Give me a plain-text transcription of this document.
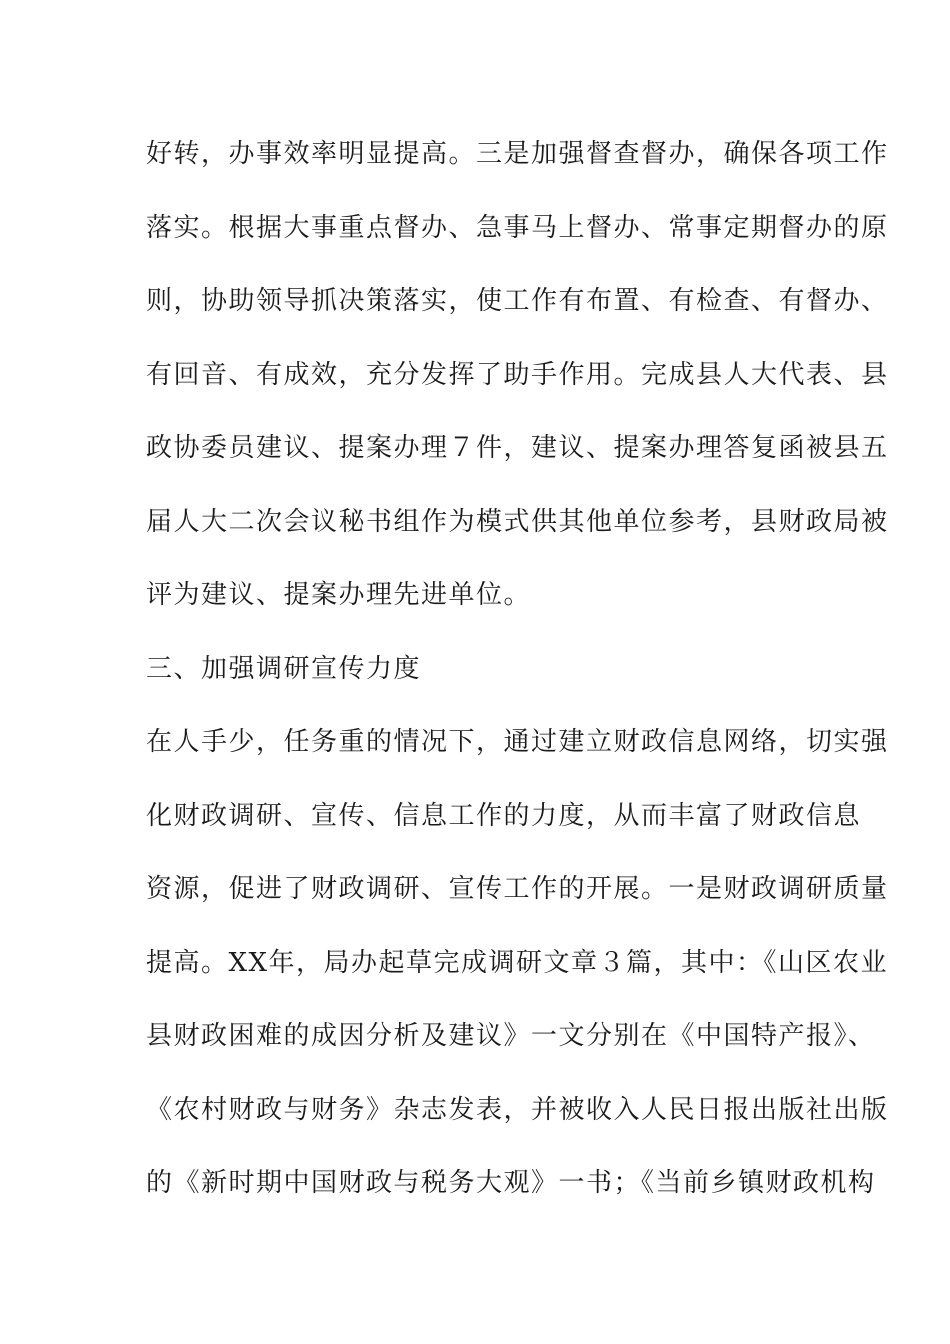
好转，办事效率明显提高。三是加强督查督办，确保各项工作
落实。根据大事重点督办、急事马上督办、常事定期督办的原
则，协助领导抓决策落实，使工作有布置、有检查、有督办、
有回音、有成效，充分发挥了助手作用。完成县人大代表、县
政协委员建议、提案办理７件，建议、提案办理答复函被县五
届人大二次会议秘书组作为模式供其他单位参考，县财政局被
评为建议、提案办理先进单位。
三、加强调研宣传力度
在人手少，任务重的情况下，通过建立财政信息网络，切实强
化财政调研、宣传、信息工作的力度，从而丰富了财政信息
资源，促进了财政调研、宣传工作的开展。一是财政调研质量
提高。XX年，局办起草完成调研文章３篇，其中：《山区农业
县财政困难的成因分析及建议》一文分别在《中国特产报》、
《农村财政与财务》杂志发表，并被收入人民日报出版社出版
的《新时期中国财政与税务大观》一书；《当前乡镇财政机构
